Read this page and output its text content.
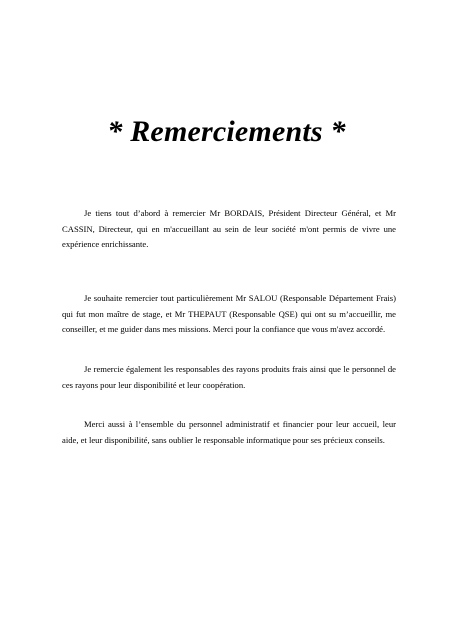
* Remerciements *

Je tiens tout d’abord à remercier Mr BORDAIS, Président Directeur Général, et Mr CASSIN, Directeur, qui en m'accueillant au sein de leur société m'ont permis de vivre une expérience enrichissante.

Je souhaite remercier tout particulièrement Mr SALOU (Responsable Département Frais) qui fut mon maître de stage, et Mr THEPAUT (Responsable QSE) qui ont su m’accueillir, me conseiller, et me guider dans mes missions. Merci pour la confiance que vous m'avez accordé.

Je remercie également les responsables des rayons produits frais ainsi que le personnel de ces rayons pour leur disponibilité et leur coopération.

Merci aussi à l’ensemble du personnel administratif et financier pour leur accueil, leur aide, et leur disponibilité, sans oublier le responsable informatique pour ses précieux conseils.
